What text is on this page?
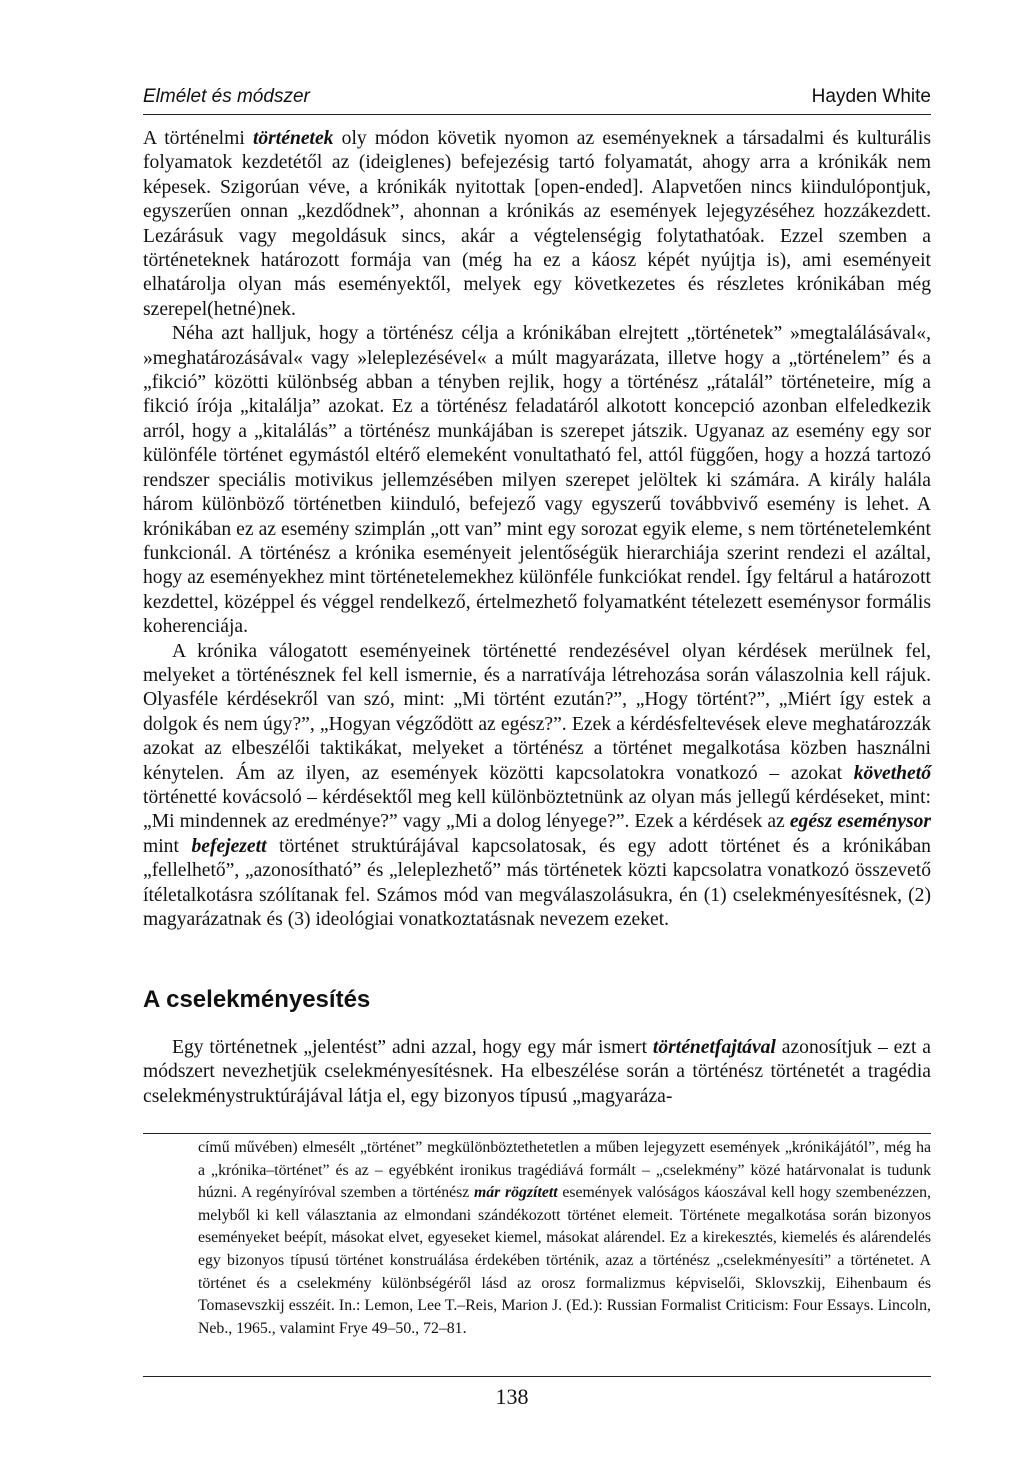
Elmélet és módszer	Hayden White

A történelmi történetek oly módon követik nyomon az eseményeknek a társadalmi és kulturális folyamatok kezdetétől az (ideiglenes) befejezésig tartó folyamatát, ahogy arra a krónikák nem képesek. Szigorúan véve, a krónikák nyitottak [open-ended]. Alapvetően nincs kiindulópontjuk, egyszerűen onnan „kezdődnek”, ahonnan a krónikás az események lejegyzéséhez hozzákezdett. Lezárásuk vagy megoldásuk sincs, akár a végtelenségig folytathatóak. Ezzel szemben a történeteknek határozott formája van (még ha ez a káosz képét nyújtja is), ami eseményeit elhatárolja olyan más eseményektől, melyek egy következetes és részletes krónikában még szerepel(hetné)nek.

Néha azt halljuk, hogy a történész célja a krónikában elrejtett „történetek” »megtalálásával«, »meghatározásával« vagy »leleplezésével« a múlt magyarázata, illetve hogy a „történelem” és a „fikció” közötti különbség abban a tényben rejlik, hogy a történész „rátalál” történeteire, míg a fikció írója „kitalálja” azokat. Ez a történész feladatáról alkotott koncepció azonban elfeledkezik arról, hogy a „kitalálás” a történész munkájában is szerepet játszik. Ugyanaz az esemény egy sor különféle történet egymástól eltérő elemeként vonultatható fel, attól függően, hogy a hozzá tartozó rendszer speciális motivikus jellemzésében milyen szerepet jelöltek ki számára. A király halála három különböző történetben kiinduló, befejező vagy egyszerű továbbvivő esemény is lehet. A krónikában ez az esemény szimplán „ott van” mint egy sorozat egyik eleme, s nem történetelemként funkcionál. A történész a krónika eseményeit jelentőségük hierarchiája szerint rendezi el azáltal, hogy az eseményekhez mint történetelemekhez különféle funkciókat rendel. Így feltárul a határozott kezdettel, középpel és véggel rendelkező, értelmezhető folyamatként tételezett eseménysor formális koherenciája.

A krónika válogatott eseményeinek történetté rendezésével olyan kérdések merülnek fel, melyeket a történésznek fel kell ismernie, és a narratívája létrehozása során válaszolnia kell rájuk. Olyasféle kérdésekről van szó, mint: „Mi történt ezután?”, „Hogy történt?”, „Miért így estek a dolgok és nem úgy?”, „Hogyan végződött az egész?”. Ezek a kérdésfeltevések eleve meghatározzák azokat az elbeszélői taktikákat, melyeket a történész a történet megalkotása közben használni kénytelen. Ám az ilyen, az események közötti kapcsolatokra vonatkozó – azokat követhető történetté kovácsoló – kérdésektől meg kell különböztetnünk az olyan más jellegű kérdéseket, mint: „Mi mindennek az eredménye?” vagy „Mi a dolog lényege?”. Ezek a kérdések az egész eseménysor mint befejezett történet struktúrájával kapcsolatosak, és egy adott történet és a krónikában „fellelhető”, „azonosítható” és „leleplezhető” más történetek közti kapcsolatra vonatkozó összevető ítéletalkotásra szólítanak fel. Számos mód van megválaszolásukra, én (1) cselekményesítésnek, (2) magyarázatnak és (3) ideológiai vonatkoztatásnak nevezem ezeket.

A cselekményesítés

Egy történetnek „jelentést” adni azzal, hogy egy már ismert történetfajtával azonosítjuk – ezt a módszert nevezhetjük cselekményesítésnek. Ha elbeszélése során a történész történetét a tragédia cselekménystruktúrájával látja el, egy bizonyos típusú „magyaráza-

című művében) elmesélt „történet” megkülönböztethetetlen a műben lejegyzett események „krónikájától”, még ha a „krónika–történet” és az – egyébként ironikus tragédiává formált – „cselekmény” közé határvonalat is tudunk húzni. A regényíróval szemben a történész már rögzített események valóságos káoszával kell hogy szembenézzen, melyből ki kell választania az elmondani szándékozott történet elemeit. Története megalkotása során bizonyos eseményeket beépít, másokat elvet, egyeseket kiemel, másokat alárendel. Ez a kirekesztés, kiemelés és alárendelés egy bizonyos típusú történet konstruálása érdekében történik, azaz a történész „cselekményesíti” a történetet. A történet és a cselekmény különbségéről lásd az orosz formalizmus képviselői, Sklovszkij, Eihenbaum és Tomasevszkij esszéit. In.: Lemon, Lee T.–Reis, Marion J. (Ed.): Russian Formalist Criticism: Four Essays. Lincoln, Neb., 1965., valamint Frye 49–50., 72–81.

138
